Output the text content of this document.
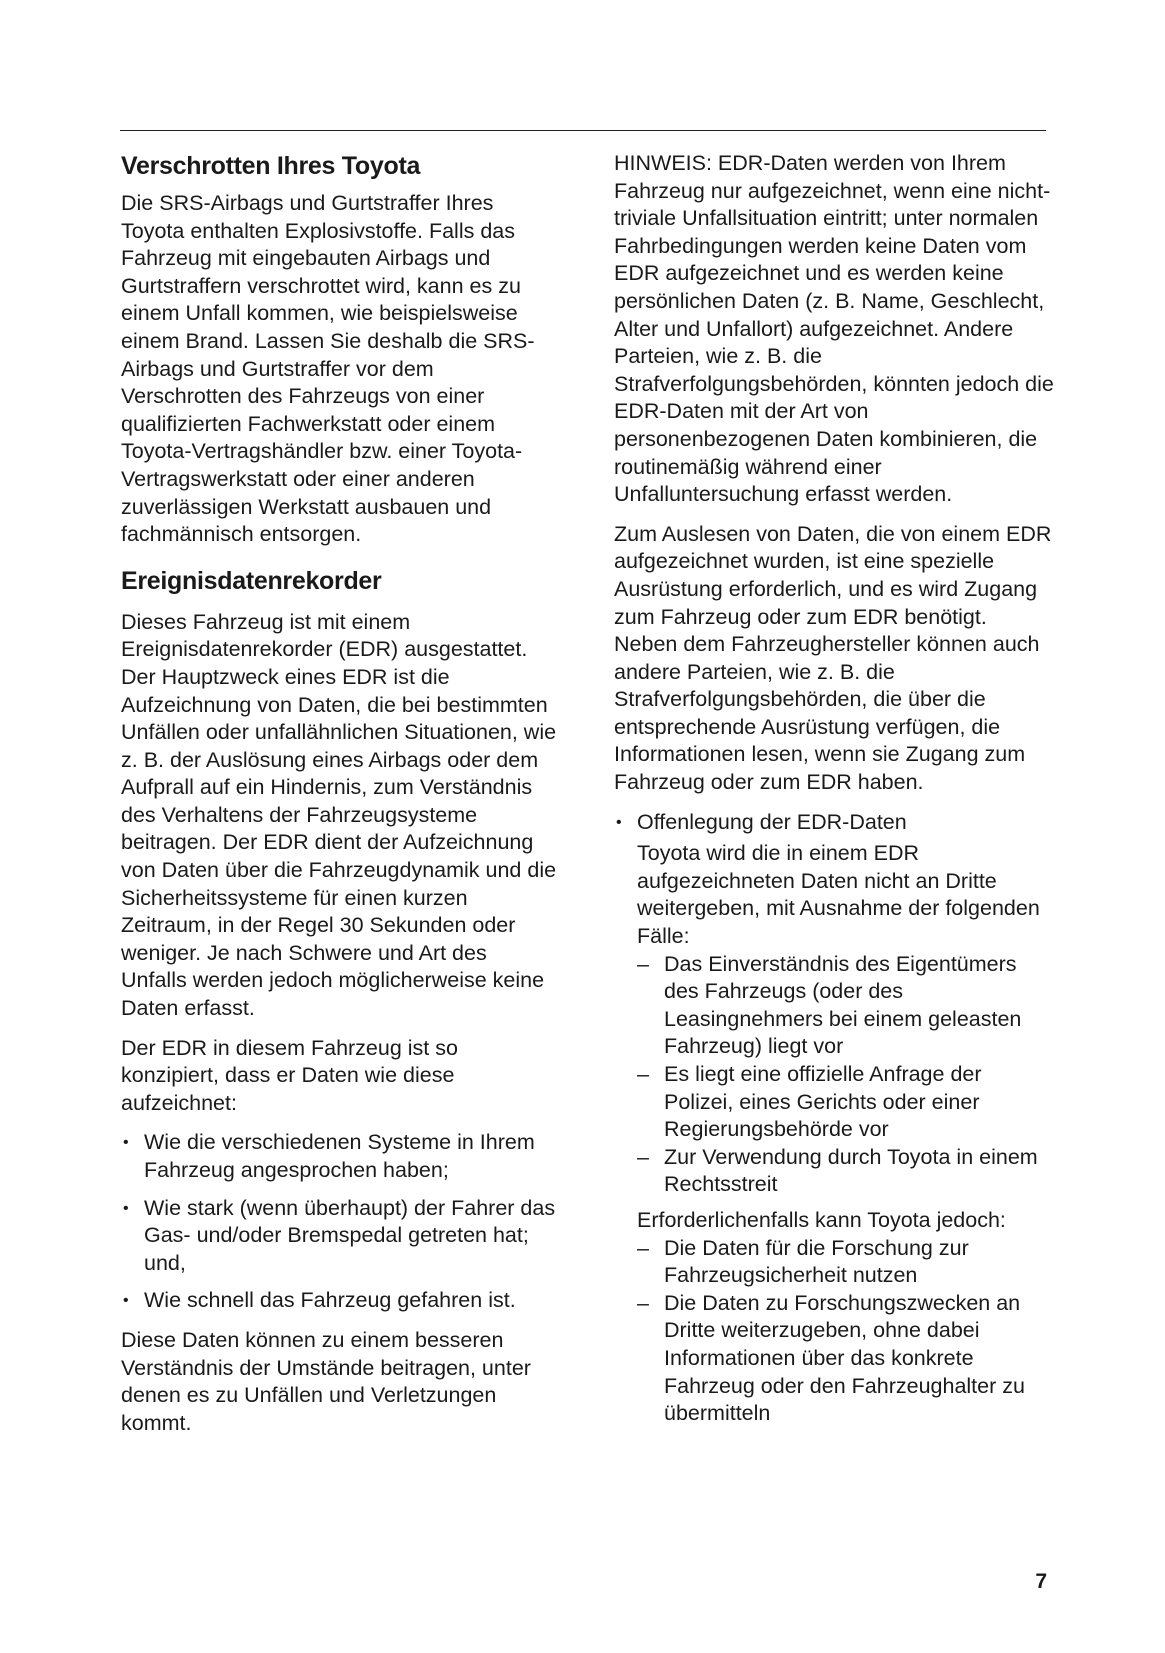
Verschrotten Ihres Toyota

Die SRS-Airbags und Gurtstraffer Ihres Toyota enthalten Explosivstoffe. Falls das Fahrzeug mit eingebauten Airbags und Gurtstraffern verschrottet wird, kann es zu einem Unfall kommen, wie beispielsweise einem Brand. Lassen Sie deshalb die SRS-Airbags und Gurtstraffer vor dem Verschrotten des Fahrzeugs von einer qualifizierten Fachwerkstatt oder einem Toyota-Vertragshändler bzw. einer Toyota-Vertragswerkstatt oder einer anderen zuverlässigen Werkstatt ausbauen und fachmännisch entsorgen.

Ereignisdatenrekorder

Dieses Fahrzeug ist mit einem Ereignisdatenrekorder (EDR) ausgestattet. Der Hauptzweck eines EDR ist die Aufzeichnung von Daten, die bei bestimmten Unfällen oder unfallähnlichen Situationen, wie z. B. der Auslösung eines Airbags oder dem Aufprall auf ein Hindernis, zum Verständnis des Verhaltens der Fahrzeugsysteme beitragen. Der EDR dient der Aufzeichnung von Daten über die Fahrzeugdynamik und die Sicherheitssysteme für einen kurzen Zeitraum, in der Regel 30 Sekunden oder weniger. Je nach Schwere und Art des Unfalls werden jedoch möglicherweise keine Daten erfasst.

Der EDR in diesem Fahrzeug ist so konzipiert, dass er Daten wie diese aufzeichnet:

• Wie die verschiedenen Systeme in Ihrem Fahrzeug angesprochen haben;
• Wie stark (wenn überhaupt) der Fahrer das Gas- und/oder Bremspedal getreten hat; und,
• Wie schnell das Fahrzeug gefahren ist.

Diese Daten können zu einem besseren Verständnis der Umstände beitragen, unter denen es zu Unfällen und Verletzungen kommt.

HINWEIS: EDR-Daten werden von Ihrem Fahrzeug nur aufgezeichnet, wenn eine nicht-triviale Unfallsituation eintritt; unter normalen Fahrbedingungen werden keine Daten vom EDR aufgezeichnet und es werden keine persönlichen Daten (z. B. Name, Geschlecht, Alter und Unfallort) aufgezeichnet. Andere Parteien, wie z. B. die Strafverfolgungsbehörden, könnten jedoch die EDR-Daten mit der Art von personenbezogenen Daten kombinieren, die routinemäßig während einer Unfalluntersuchung erfasst werden.

Zum Auslesen von Daten, die von einem EDR aufgezeichnet wurden, ist eine spezielle Ausrüstung erforderlich, und es wird Zugang zum Fahrzeug oder zum EDR benötigt. Neben dem Fahrzeughersteller können auch andere Parteien, wie z. B. die Strafverfolgungsbehörden, die über die entsprechende Ausrüstung verfügen, die Informationen lesen, wenn sie Zugang zum Fahrzeug oder zum EDR haben.

• Offenlegung der EDR-Daten

Toyota wird die in einem EDR aufgezeichneten Daten nicht an Dritte weitergeben, mit Ausnahme der folgenden Fälle:

– Das Einverständnis des Eigentümers des Fahrzeugs (oder des Leasingnehmers bei einem geleasten Fahrzeug) liegt vor
– Es liegt eine offizielle Anfrage der Polizei, eines Gerichts oder einer Regierungsbehörde vor
– Zur Verwendung durch Toyota in einem Rechtsstreit

Erforderlichenfalls kann Toyota jedoch:

– Die Daten für die Forschung zur Fahrzeugsicherheit nutzen
– Die Daten zu Forschungszwecken an Dritte weiterzugeben, ohne dabei Informationen über das konkrete Fahrzeug oder den Fahrzeughalter zu übermitteln
7
